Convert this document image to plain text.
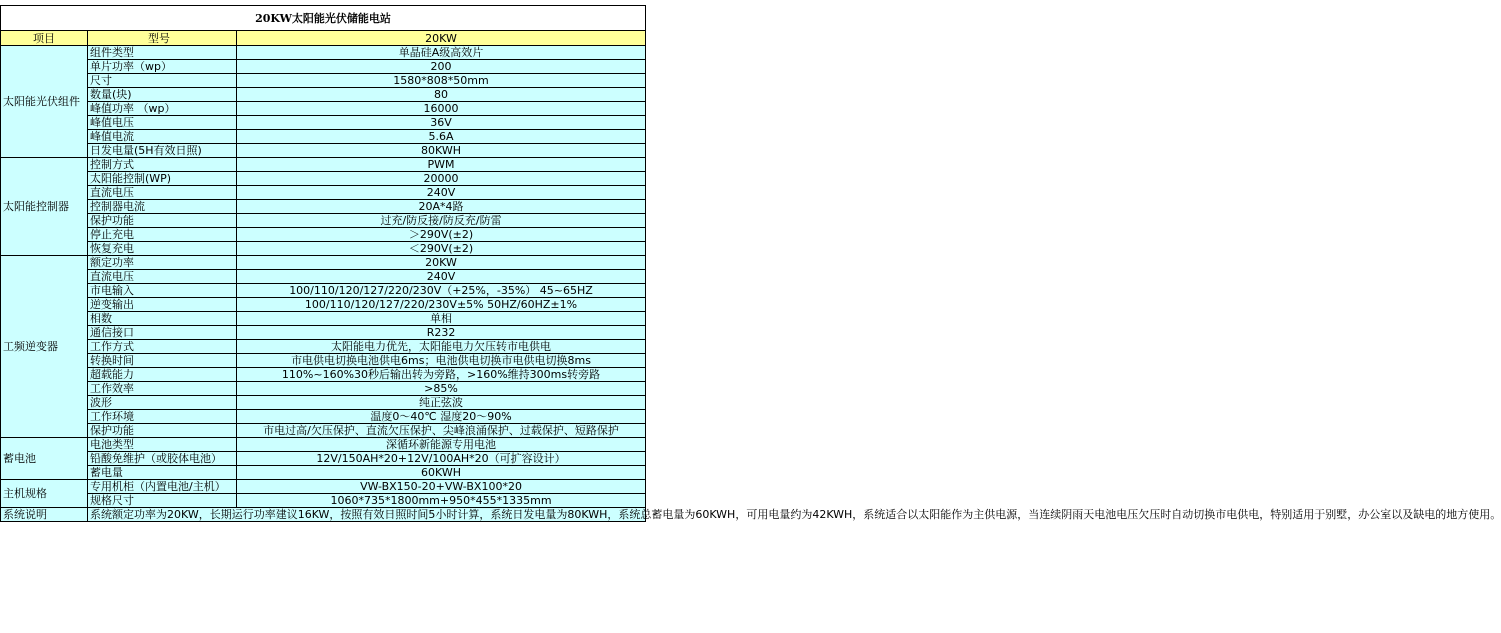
20KW太阳能光伏储能电站		
项目	型号	20KW
太阳能光伏组件	组件类型	单晶硅A级高效片
	单片功率（wp）	200
	尺寸	1580*808*50mm
	数量(块)	80
	峰值功率 （wp）	16000
	峰值电压	36V
	峰值电流	5.6A
	日发电量(5H有效日照)	80KWH
太阳能控制器	控制方式	PWM
	太阳能控制(WP)	20000
	直流电压	240V
	控制器电流	20A*4路
	保护功能	过充/防反接/防反充/防雷
	停止充电	＞290V(±2)
	恢复充电	＜290V(±2)
工频逆变器	额定功率	20KW
	直流电压	240V
	市电输入	100/110/120/127/220/230V（+25%，-35%） 45~65HZ
	逆变输出	100/110/120/127/220/230V±5% 50HZ/60HZ±1%
	相数	单相
	通信接口	R232
	工作方式	太阳能电力优先，太阳能电力欠压转市电供电
	转换时间	市电供电切换电池供电6ms；电池供电切换市电供电切换8ms
	超载能力	110%~160%30秒后输出转为旁路，>160%维持300ms转旁路
	工作效率	>85%
	波形	纯正弦波
	工作环境	温度0～40℃ 湿度20～90%
	保护功能	市电过高/欠压保护、直流欠压保护、尖峰浪涌保护、过载保护、短路保护
蓄电池	电池类型	深循环新能源专用电池
	铅酸免维护（或胶体电池）	12V/150AH*20+12V/100AH*20（可扩容设计）
	蓄电量	60KWH
主机规格	专用机柜（内置电池/主机）	VW-BX150-20+VW-BX100*20
	规格尺寸	1060*735*1800mm+950*455*1335mm
系统说明	系统额定功率为20KW，长期运行功率建议16KW，按照有效日照时间5小时计算，系统日发电量为80KWH，系统总蓄电量为60KWH，可用电量约为42KWH，系统适合以太阳能作为主供电源，当连续阴雨天电池电压欠压时自动切换市电供电，特别适用于别墅，办公室以及缺电的地方使用。	
